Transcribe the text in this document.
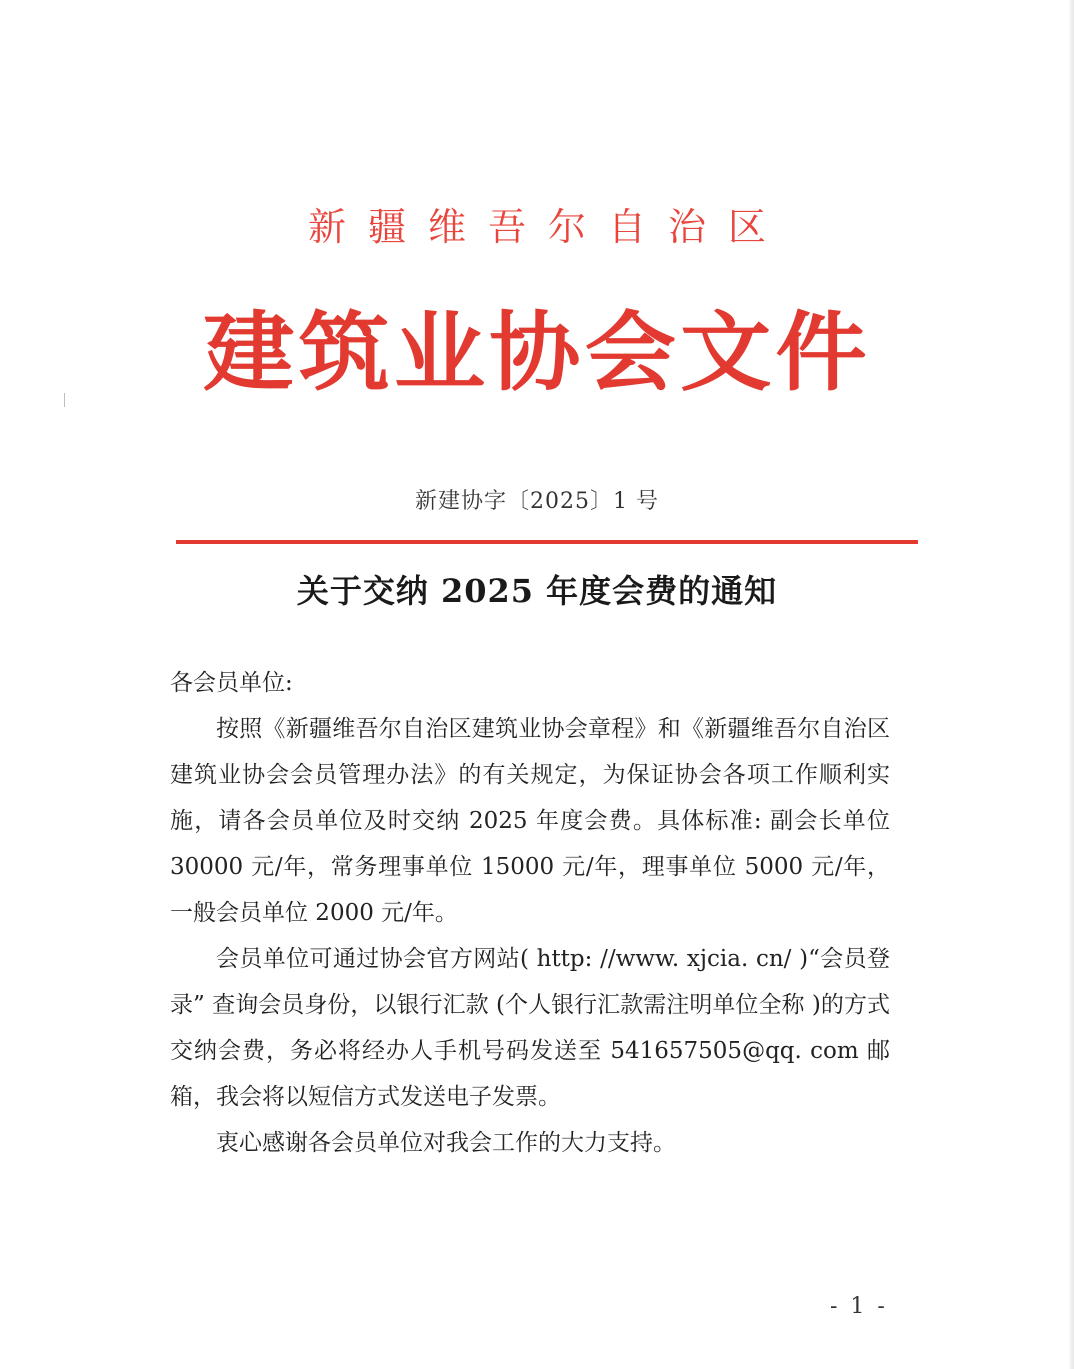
新疆维吾尔自治区
建筑业协会文件
新建协字〔2025〕1 号
关于交纳 2025 年度会费的通知

各会员单位:

按照《新疆维吾尔自治区建筑业协会章程》和《新疆维吾尔自治区建筑业协会会员管理办法》的有关规定，为保证协会各项工作顺利实施，请各会员单位及时交纳 2025 年度会费。具体标准: 副会长单位 30000 元/年，常务理事单位 15000 元/年，理事单位 5000 元/年，一般会员单位 2000 元/年。

会员单位可通过协会官方网站( http: //www. xjcia. cn/ )“会员登录” 查询会员身份，以银行汇款 (个人银行汇款需注明单位全称 )的方式交纳会费，务必将经办人手机号码发送至 541657505@qq. com 邮箱，我会将以短信方式发送电子发票。

衷心感谢各会员单位对我会工作的大力支持。

- 1 -
